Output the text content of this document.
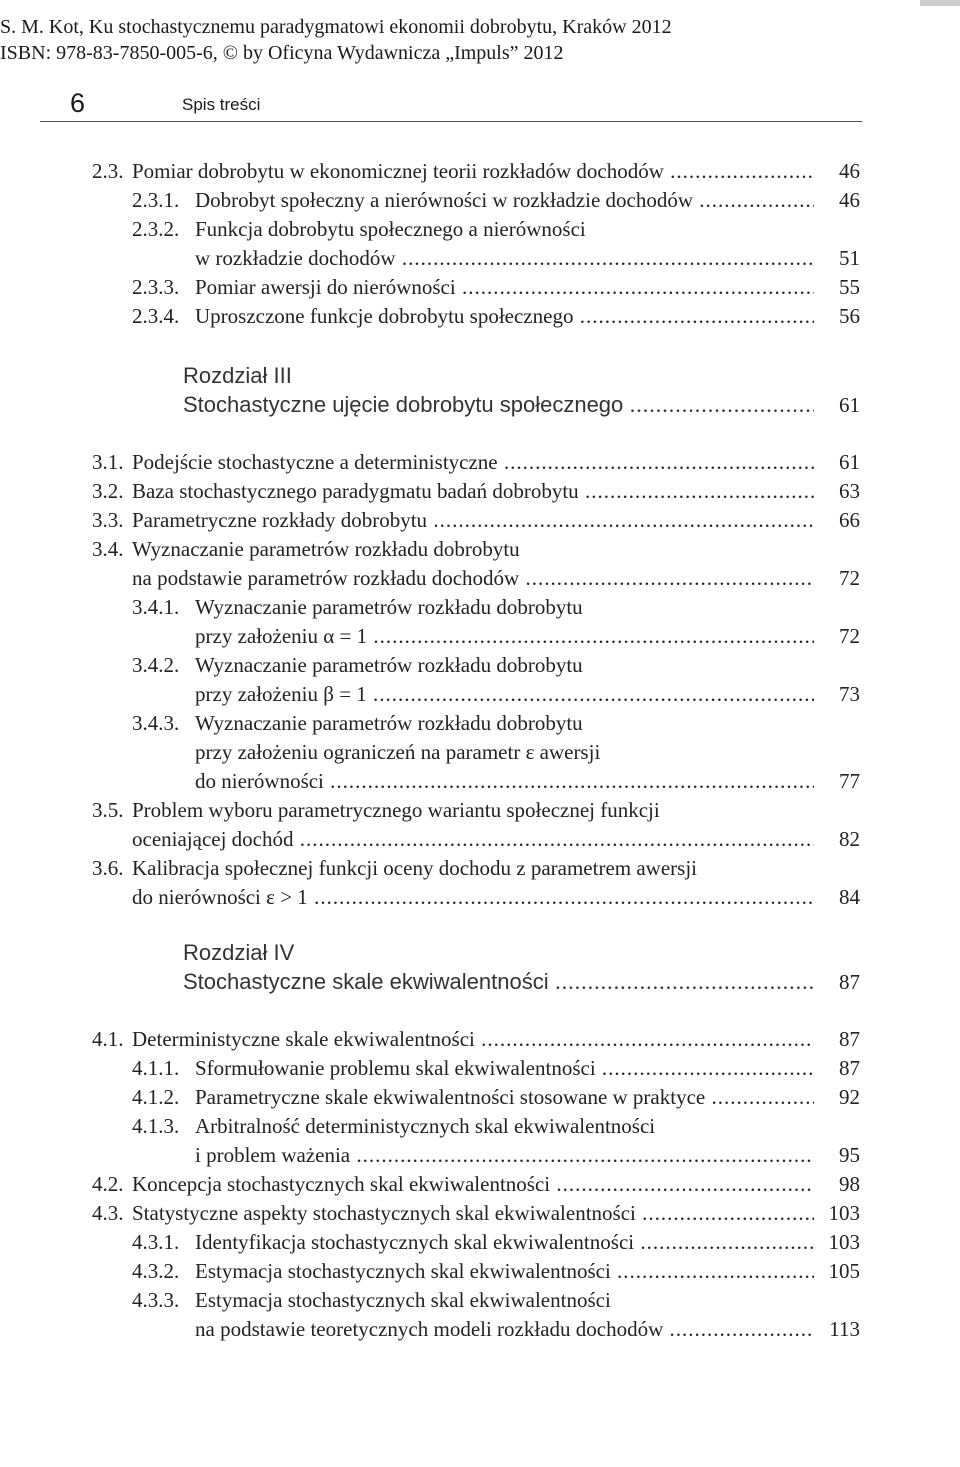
S. M. Kot, Ku stochastycznemu paradygmatowi ekonomii dobrobytu, Kraków 2012
ISBN: 978-83-7850-005-6, © by Oficyna Wydawnicza „Impuls” 2012
6	Spis treści
2.3. Pomiar dobrobytu w ekonomicznej teorii rozkładów dochodów .....	46
2.3.1. Dobrobyt społeczny a nierówności w rozkładzie dochodów .....	46
2.3.2. Funkcja dobrobytu społecznego a nierówności
w rozkładzie dochodów .....	51
2.3.3. Pomiar awersji do nierówności .....	55
2.3.4. Uproszczone funkcje dobrobytu społecznego .....	56
Rozdział III
Stochastyczne ujęcie dobrobytu społecznego .....	61
3.1. Podejście stochastyczne a deterministyczne .....	61
3.2. Baza stochastycznego paradygmatu badań dobrobytu .....	63
3.3. Parametryczne rozkłady dobrobytu .....	66
3.4. Wyznaczanie parametrów rozkładu dobrobytu
na podstawie parametrów rozkładu dochodów .....	72
3.4.1. Wyznaczanie parametrów rozkładu dobrobytu
przy założeniu α = 1 .....	72
3.4.2. Wyznaczanie parametrów rozkładu dobrobytu
przy założeniu β = 1 .....	73
3.4.3. Wyznaczanie parametrów rozkładu dobrobytu
przy założeniu ograniczeń na parametr ε awersji
do nierówności .....	77
3.5. Problem wyboru parametrycznego wariantu społecznej funkcji
oceniającej dochód .....	82
3.6. Kalibracja społecznej funkcji oceny dochodu z parametrem awersji
do nierówności ε > 1 .....	84
Rozdział IV
Stochastyczne skale ekwiwalentności .....	87
4.1. Deterministyczne skale ekwiwalentności .....	87
4.1.1. Sformułowanie problemu skal ekwiwalentności .....	87
4.1.2. Parametryczne skale ekwiwalentności stosowane w praktyce .....	92
4.1.3. Arbitralność deterministycznych skal ekwiwalentności
i problem ważenia .....	95
4.2. Koncepcja stochastycznych skal ekwiwalentności .....	98
4.3. Statystyczne aspekty stochastycznych skal ekwiwalentności .....	103
4.3.1. Identyfikacja stochastycznych skal ekwiwalentności .....	103
4.3.2. Estymacja stochastycznych skal ekwiwalentności .....	105
4.3.3. Estymacja stochastycznych skal ekwiwalentności
na podstawie teoretycznych modeli rozkładu dochodów .....	113
